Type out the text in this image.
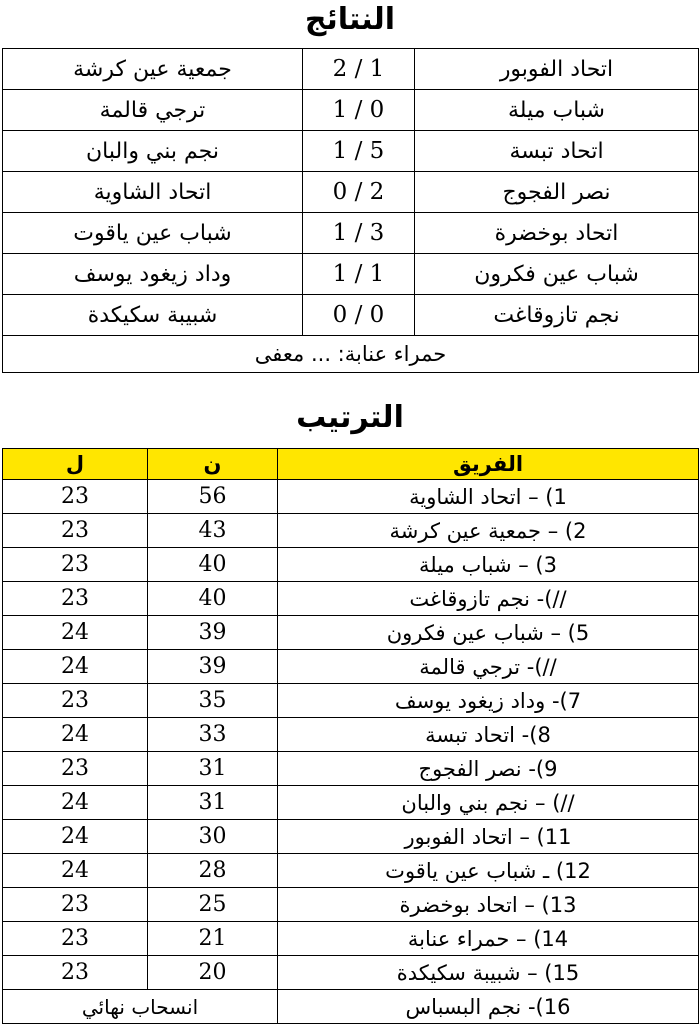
النتائج
جمعية عين كرشة	2 / 1	اتحاد الفوبور
ترجي قالمة	1 / 0	شباب ميلة
نجم بني والبان	1 / 5	اتحاد تبسة
اتحاد الشاوية	0 / 2	نصر الفجوج
شباب عين ياقوت	1 / 3	اتحاد بوخضرة
وداد زيغود يوسف	1 / 1	شباب عين فكرون
شبيبة سكيكدة	0 / 0	نجم تازوقاغت
حمراء عنابة: ... معفى		
الترتيب
ل	ن	الفريق
23	56	1) – اتحاد الشاوية
23	43	2) – جمعية عين كرشة
23	40	3) – شباب ميلة
23	40	//)- نجم تازوقاغت
24	39	5) – شباب عين فكرون
24	39	//)- ترجي قالمة
23	35	7)- وداد زيغود يوسف
24	33	8)- اتحاد تبسة
23	31	9)- نصر الفجوج
24	31	//) – نجم بني والبان
24	30	11) – اتحاد الفوبور
24	28	12) ـ شباب عين ياقوت
23	25	13) – اتحاد بوخضرة
23	21	14) – حمراء عنابة
23	20	15) – شبيبة سكيكدة
انسحاب نهائي		16)- نجم البسباس
